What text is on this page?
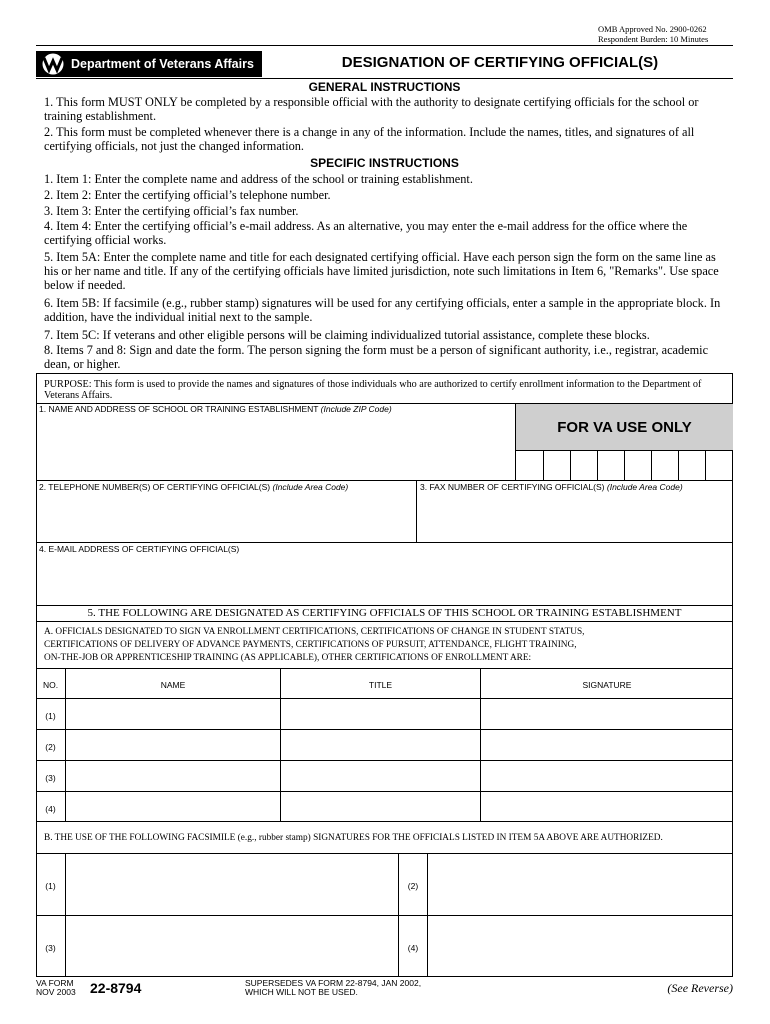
OMB Approved No. 2900-0262
Respondent Burden: 10 Minutes
Department of Veterans Affairs	DESIGNATION OF CERTIFYING OFFICIAL(S)
GENERAL INSTRUCTIONS
1. This form MUST ONLY be completed by a responsible official with the authority to designate certifying officials for the school or training establishment.
2. This form must be completed whenever there is a change in any of the information. Include the names, titles, and signatures of all certifying officials, not just the changed information.
SPECIFIC INSTRUCTIONS
1. Item 1: Enter the complete name and address of the school or training establishment.
2. Item 2: Enter the certifying official’s telephone number.
3. Item 3: Enter the certifying official’s fax number.
4. Item 4: Enter the certifying official’s e-mail address. As an alternative, you may enter the e-mail address for the office where the certifying official works.
5. Item 5A: Enter the complete name and title for each designated certifying official. Have each person sign the form on the same line as his or her name and title. If any of the certifying officials have limited jurisdiction, note such limitations in Item 6, "Remarks". Use space below if needed.
6. Item 5B: If facsimile (e.g., rubber stamp) signatures will be used for any certifying officials, enter a sample in the appropriate block. In addition, have the individual initial next to the sample.
7. Item 5C: If veterans and other eligible persons will be claiming individualized tutorial assistance, complete these blocks.
8. Items 7 and 8: Sign and date the form. The person signing the form must be a person of significant authority, i.e., registrar, academic dean, or higher.
PURPOSE: This form is used to provide the names and signatures of those individuals who are authorized to certify enrollment information to the Department of Veterans Affairs.
1. NAME AND ADDRESS OF SCHOOL OR TRAINING ESTABLISHMENT (Include ZIP Code)
FOR VA USE ONLY
2. TELEPHONE NUMBER(S) OF CERTIFYING OFFICIAL(S) (Include Area Code)	3. FAX NUMBER OF CERTIFYING OFFICIAL(S) (Include Area Code)
4. E-MAIL ADDRESS OF CERTIFYING OFFICIAL(S)
5. THE FOLLOWING ARE DESIGNATED AS CERTIFYING OFFICIALS OF THIS SCHOOL OR TRAINING ESTABLISHMENT
A. OFFICIALS DESIGNATED TO SIGN VA ENROLLMENT CERTIFICATIONS, CERTIFICATIONS OF CHANGE IN STUDENT STATUS,
CERTIFICATIONS OF DELIVERY OF ADVANCE PAYMENTS, CERTIFICATIONS OF PURSUIT, ATTENDANCE, FLIGHT TRAINING,
ON-THE-JOB OR APPRENTICESHIP TRAINING (AS APPLICABLE), OTHER CERTIFICATIONS OF ENROLLMENT ARE:
NO.	NAME	TITLE	SIGNATURE
(1)
(2)
(3)
(4)
B. THE USE OF THE FOLLOWING FACSIMILE (e.g., rubber stamp) SIGNATURES FOR THE OFFICIALS LISTED IN ITEM 5A ABOVE ARE AUTHORIZED.
(1)	(2)
(3)	(4)
VA FORM
NOV 2003 22-8794	SUPERSEDES VA FORM 22-8794, JAN 2002,
WHICH WILL NOT BE USED.	(See Reverse)
